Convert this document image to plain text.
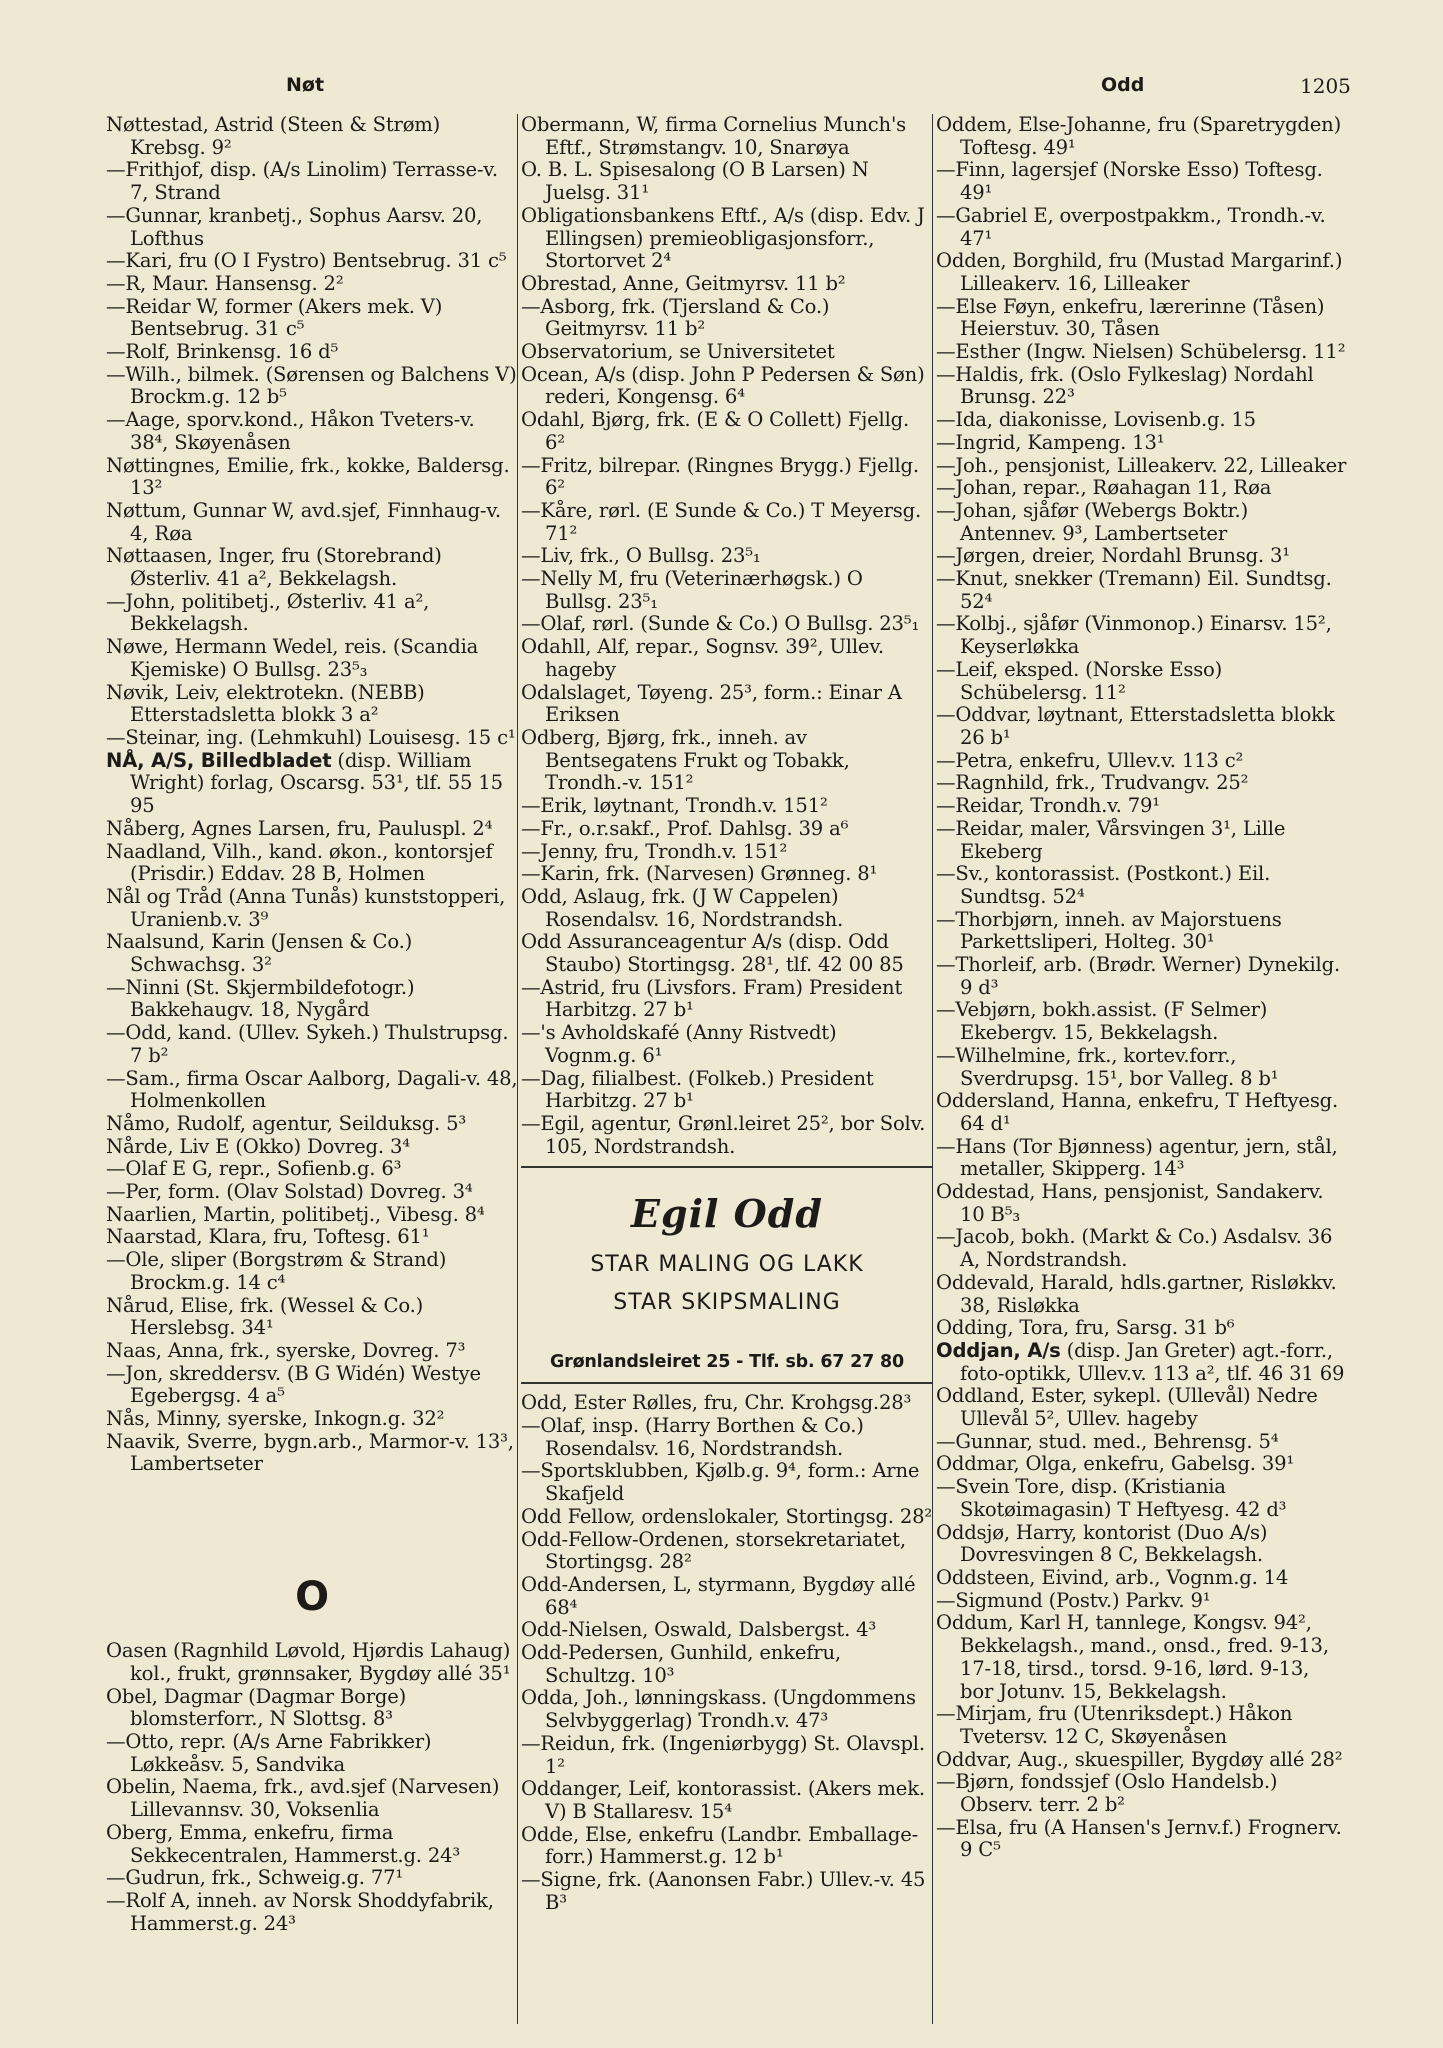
Nøt	Odd	1205
Nøttestad, Astrid (Steen & Strøm) Krebsg. 9²
—Frithjof, disp. (A/s Linolim) Terrasse-v. 7, Strand
—Gunnar, kranbetj., Sophus Aarsv. 20, Lofthus
—Kari, fru (O I Fystro) Bentsebrug. 31 c⁵
—R, Maur. Hansensg. 2²
—Reidar W, former (Akers mek. V) Bentsebrug. 31 c⁵
—Rolf, Brinkensg. 16 d⁵
—Wilh., bilmek. (Sørensen og Balchens V) Brockm.g. 12 b⁵
—Aage, sporv.kond., Håkon Tveters-v. 38⁴, Skøyenåsen
Nøttingnes, Emilie, frk., kokke, Baldersg. 13²
Nøttum, Gunnar W, avd.sjef, Finnhaug-v. 4, Røa
Nøttaasen, Inger, fru (Storebrand) Østerliv. 41 a², Bekkelagsh.
—John, politibetj., Østerliv. 41 a², Bekkelagsh.
Nøwe, Hermann Wedel, reis. (Scandia Kjemiske) O Bullsg. 23⁵₃
Nøvik, Leiv, elektrotekn. (NEBB) Etterstadsletta blokk 3 a²
—Steinar, ing. (Lehmkuhl) Louisesg. 15 c¹
NÅ, A/S, Billedbladet (disp. William Wright) forlag, Oscarsg. 53¹, tlf. 55 15 95
Nåberg, Agnes Larsen, fru, Pauluspl. 2⁴
Naadland, Vilh., kand. økon., kontorsjef (Prisdir.) Eddav. 28 B, Holmen
Nål og Tråd (Anna Tunås) kunststopperi, Uranienb.v. 3⁹
Naalsund, Karin (Jensen & Co.) Schwachsg. 3²
—Ninni (St. Skjermbildefotogr.) Bakkehaugv. 18, Nygård
—Odd, kand. (Ullev. Sykeh.) Thulstrupsg. 7 b²
—Sam., firma Oscar Aalborg, Dagali-v. 48, Holmenkollen
Nåmo, Rudolf, agentur, Seilduksg. 5³
Nårde, Liv E (Okko) Dovreg. 3⁴
—Olaf E G, repr., Sofienb.g. 6³
—Per, form. (Olav Solstad) Dovreg. 3⁴
Naarlien, Martin, politibetj., Vibesg. 8⁴
Naarstad, Klara, fru, Toftesg. 61¹
—Ole, sliper (Borgstrøm & Strand) Brockm.g. 14 c⁴
Nårud, Elise, frk. (Wessel & Co.) Herslebsg. 34¹
Naas, Anna, frk., syerske, Dovreg. 7³
—Jon, skreddersv. (B G Widén) Westye Egebergsg. 4 a⁵
Nås, Minny, syerske, Inkogn.g. 32²
Naavik, Sverre, bygn.arb., Marmor-v. 13³, Lambertseter
O
Oasen (Ragnhild Løvold, Hjørdis Lahaug) kol., frukt, grønnsaker, Bygdøy allé 35¹
Obel, Dagmar (Dagmar Borge) blomsterforr., N Slottsg. 8³
—Otto, repr. (A/s Arne Fabrikker) Løkkeåsv. 5, Sandvika
Obelin, Naema, frk., avd.sjef (Narvesen) Lillevannsv. 30, Voksenlia
Oberg, Emma, enkefru, firma Sekkecentralen, Hammerst.g. 24³
—Gudrun, frk., Schweig.g. 77¹
—Rolf A, inneh. av Norsk Shoddyfabrik, Hammerst.g. 24³
Obermann, W, firma Cornelius Munch's Eftf., Strømstangv. 10, Snarøya
O. B. L. Spisesalong (O B Larsen) N Juelsg. 31¹
Obligationsbankens Eftf., A/s (disp. Edv. J Ellingsen) premieobligasjonsforr., Stortorvet 2⁴
Obrestad, Anne, Geitmyrsv. 11 b²
—Asborg, frk. (Tjersland & Co.) Geitmyrsv. 11 b²
Observatorium, se Universitetet
Ocean, A/s (disp. John P Pedersen & Søn) rederi, Kongensg. 6⁴
Odahl, Bjørg, frk. (E & O Collett) Fjellg. 6²
—Fritz, bilrepar. (Ringnes Brygg.) Fjellg. 6²
—Kåre, rørl. (E Sunde & Co.) T Meyersg. 71²
—Liv, frk., O Bullsg. 23⁵₁
—Nelly M, fru (Veterinærhøgsk.) O Bullsg. 23⁵₁
—Olaf, rørl. (Sunde & Co.) O Bullsg. 23⁵₁
Odahll, Alf, repar., Sognsv. 39², Ullev. hageby
Odalslaget, Tøyeng. 25³, form.: Einar A Eriksen
Odberg, Bjørg, frk., inneh. av Bentsegatens Frukt og Tobakk, Trondh.-v. 151²
—Erik, løytnant, Trondh.v. 151²
—Fr., o.r.sakf., Prof. Dahlsg. 39 a⁶
—Jenny, fru, Trondh.v. 151²
—Karin, frk. (Narvesen) Grønneg. 8¹
Odd, Aslaug, frk. (J W Cappelen) Rosendalsv. 16, Nordstrandsh.
Odd Assuranceagentur A/s (disp. Odd Staubo) Stortingsg. 28¹, tlf. 42 00 85
—Astrid, fru (Livsfors. Fram) President Harbitzg. 27 b¹
—'s Avholdskafé (Anny Ristvedt) Vognm.g. 6¹
—Dag, filialbest. (Folkeb.) President Harbitzg. 27 b¹
—Egil, agentur, Grønl.leiret 25², bor Solv. 105, Nordstrandsh.
Egil Odd
STAR MALING OG LAKK
STAR SKIPSMALING
Grønlandsleiret 25 - Tlf. sb. 67 27 80
Odd, Ester Rølles, fru, Chr. Krohgsg.28³
—Olaf, insp. (Harry Borthen & Co.) Rosendalsv. 16, Nordstrandsh.
—Sportsklubben, Kjølb.g. 9⁴, form.: Arne Skafjeld
Odd Fellow, ordenslokaler, Stortingsg. 28²
Odd-Fellow-Ordenen, storsekretariatet, Stortingsg. 28²
Odd-Andersen, L, styrmann, Bygdøy allé 68⁴
Odd-Nielsen, Oswald, Dalsbergst. 4³
Odd-Pedersen, Gunhild, enkefru, Schultzg. 10³
Odda, Joh., lønningskass. (Ungdommens Selvbyggerlag) Trondh.v. 47³
—Reidun, frk. (Ingeniørbygg) St. Olavspl. 1²
Oddanger, Leif, kontorassist. (Akers mek. V) B Stallaresv. 15⁴
Odde, Else, enkefru (Landbr. Emballage-forr.) Hammerst.g. 12 b¹
—Signe, frk. (Aanonsen Fabr.) Ullev.-v. 45 B³
Oddem, Else-Johanne, fru (Sparetrygden) Toftesg. 49¹
—Finn, lagersjef (Norske Esso) Toftesg. 49¹
—Gabriel E, overpostpakkm., Trondh.-v. 47¹
Odden, Borghild, fru (Mustad Margarinf.) Lilleakerv. 16, Lilleaker
—Else Føyn, enkefru, lærerinne (Tåsen) Heierstuv. 30, Tåsen
—Esther (Ingw. Nielsen) Schübelersg. 11²
—Haldis, frk. (Oslo Fylkeslag) Nordahl Brunsg. 22³
—Ida, diakonisse, Lovisenb.g. 15
—Ingrid, Kampeng. 13¹
—Joh., pensjonist, Lilleakerv. 22, Lilleaker
—Johan, repar., Røahagan 11, Røa
—Johan, sjåfør (Webergs Boktr.) Antennev. 9³, Lambertseter
—Jørgen, dreier, Nordahl Brunsg. 3¹
—Knut, snekker (Tremann) Eil. Sundtsg. 52⁴
—Kolbj., sjåfør (Vinmonop.) Einarsv. 15², Keyserløkka
—Leif, eksped. (Norske Esso) Schübelersg. 11²
—Oddvar, løytnant, Etterstadsletta blokk 26 b¹
—Petra, enkefru, Ullev.v. 113 c²
—Ragnhild, frk., Trudvangv. 25²
—Reidar, Trondh.v. 79¹
—Reidar, maler, Vårsvingen 3¹, Lille Ekeberg
—Sv., kontorassist. (Postkont.) Eil. Sundtsg. 52⁴
—Thorbjørn, inneh. av Majorstuens Parkettsliperi, Holteg. 30¹
—Thorleif, arb. (Brødr. Werner) Dynekilg. 9 d³
—Vebjørn, bokh.assist. (F Selmer) Ekebergv. 15, Bekkelagsh.
—Wilhelmine, frk., kortev.forr., Sverdrupsg. 15¹, bor Valleg. 8 b¹
Oddersland, Hanna, enkefru, T Heftyesg. 64 d¹
—Hans (Tor Bjønness) agentur, jern, stål, metaller, Skipperg. 14³
Oddestad, Hans, pensjonist, Sandakerv. 10 B⁵₃
—Jacob, bokh. (Markt & Co.) Asdalsv. 36 A, Nordstrandsh.
Oddevald, Harald, hdls.gartner, Risløkkv. 38, Risløkka
Odding, Tora, fru, Sarsg. 31 b⁶
Oddjan, A/s (disp. Jan Greter) agt.-forr., foto-optikk, Ullev.v. 113 a², tlf. 46 31 69
Oddland, Ester, sykepl. (Ullevål) Nedre Ullevål 5², Ullev. hageby
—Gunnar, stud. med., Behrensg. 5⁴
Oddmar, Olga, enkefru, Gabelsg. 39¹
—Svein Tore, disp. (Kristiania Skotøimagasin) T Heftyesg. 42 d³
Oddsjø, Harry, kontorist (Duo A/s) Dovresvingen 8 C, Bekkelagsh.
Oddsteen, Eivind, arb., Vognm.g. 14
—Sigmund (Postv.) Parkv. 9¹
Oddum, Karl H, tannlege, Kongsv. 94², Bekkelagsh., mand., onsd., fred. 9-13, 17-18, tirsd., torsd. 9-16, lørd. 9-13, bor Jotunv. 15, Bekkelagsh.
—Mirjam, fru (Utenriksdept.) Håkon Tvetersv. 12 C, Skøyenåsen
Oddvar, Aug., skuespiller, Bygdøy allé 28²
—Bjørn, fondssjef (Oslo Handelsb.) Observ. terr. 2 b²
—Elsa, fru (A Hansen's Jernv.f.) Frognerv. 9 C⁵
